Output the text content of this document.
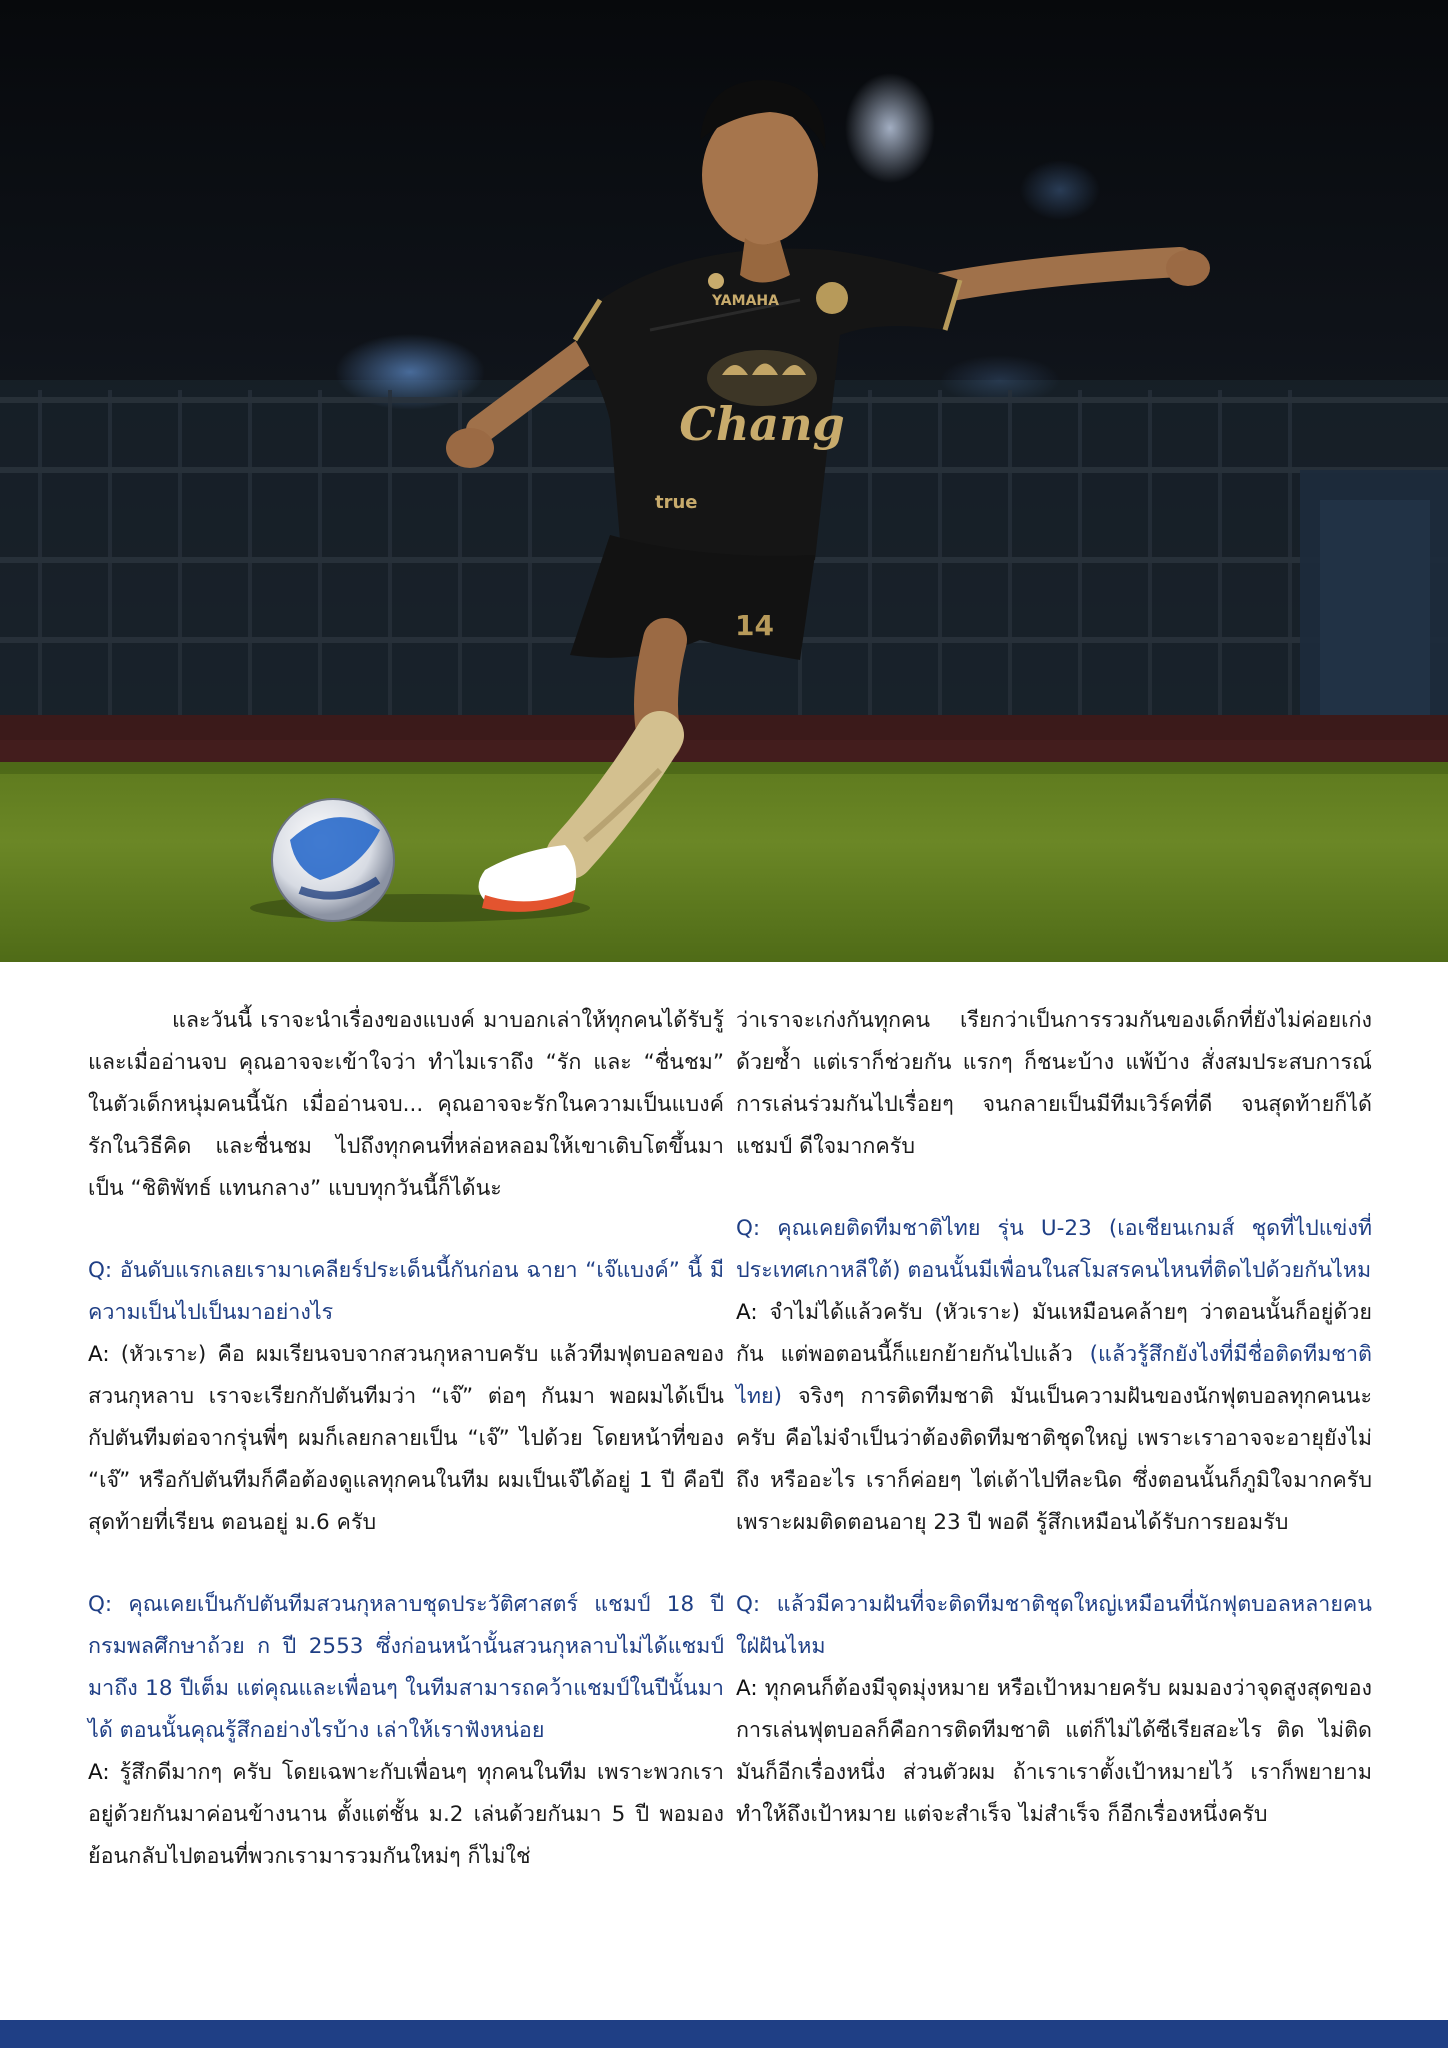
14
Chang
YAMAHA
true

และวันนี้ เราจะนำเรื่องของแบงค์ มาบอกเล่าให้ทุกคนได้รับรู้ และเมื่ออ่านจบ คุณอาจจะเข้าใจว่า ทำไมเราถึง “รัก และ “ชื่นชม” ในตัวเด็กหนุ่มคนนี้นัก เมื่ออ่านจบ... คุณอาจจะรักในความเป็นแบงค์ รักในวิธีคิด และชื่นชม ไปถึงทุกคนที่หล่อหลอมให้เขาเติบโตขึ้นมาเป็น “ชิติพัทธ์ แทนกลาง” แบบทุกวันนี้ก็ได้นะ

Q: อันดับแรกเลยเรามาเคลียร์ประเด็นนี้กันก่อน ฉายา “เจ๊แบงค์” นี้ มีความเป็นไปเป็นมาอย่างไร

A: (หัวเราะ) คือ ผมเรียนจบจากสวนกุหลาบครับ แล้วทีมฟุตบอลของสวนกุหลาบ เราจะเรียกกัปตันทีมว่า “เจ๊” ต่อๆ กันมา พอผมได้เป็นกัปตันทีมต่อจากรุ่นพี่ๆ ผมก็เลยกลายเป็น “เจ๊” ไปด้วย โดยหน้าที่ของ “เจ๊” หรือกัปตันทีมก็คือต้องดูแลทุกคนในทีม ผมเป็นเจ๊ได้อยู่ 1 ปี คือปีสุดท้ายที่เรียน ตอนอยู่ ม.6 ครับ

Q: คุณเคยเป็นกัปตันทีมสวนกุหลาบชุดประวัติศาสตร์ แชมป์ 18 ปี กรมพลศึกษาถ้วย ก ปี 2553 ซึ่งก่อนหน้านั้นสวนกุหลาบไม่ได้แชมป์มาถึง 18 ปีเต็ม แต่คุณและเพื่อนๆ ในทีมสามารถคว้าแชมป์ในปีนั้นมาได้ ตอนนั้นคุณรู้สึกอย่างไรบ้าง เล่าให้เราฟังหน่อย

A: รู้สึกดีมากๆ ครับ โดยเฉพาะกับเพื่อนๆ ทุกคนในทีม เพราะพวกเราอยู่ด้วยกันมาค่อนข้างนาน ตั้งแต่ชั้น ม.2 เล่นด้วยกันมา 5 ปี พอมองย้อนกลับไปตอนที่พวกเรามารวมกันใหม่ๆ ก็ไม่ใช่

ว่าเราจะเก่งกันทุกคน เรียกว่าเป็นการรวมกันของเด็กที่ยังไม่ค่อยเก่งด้วยซ้ำ แต่เราก็ช่วยกัน แรกๆ ก็ชนะบ้าง แพ้บ้าง สั่งสมประสบการณ์การเล่นร่วมกันไปเรื่อยๆ จนกลายเป็นมีทีมเวิร์คที่ดี จนสุดท้ายก็ได้แชมป์ ดีใจมากครับ

Q: คุณเคยติดทีมชาติไทย รุ่น U-23 (เอเชียนเกมส์ ชุดที่ไปแข่งที่ประเทศเกาหลีใต้) ตอนนั้นมีเพื่อนในสโมสรคนไหนที่ติดไปด้วยกันไหม

A: จำไม่ได้แล้วครับ (หัวเราะ) มันเหมือนคล้ายๆ ว่าตอนนั้นก็อยู่ด้วยกัน แต่พอตอนนี้ก็แยกย้ายกันไปแล้ว (แล้วรู้สึกยังไงที่มีชื่อติดทีมชาติไทย) จริงๆ การติดทีมชาติ มันเป็นความฝันของนักฟุตบอลทุกคนนะครับ คือไม่จำเป็นว่าต้องติดทีมชาติชุดใหญ่ เพราะเราอาจจะอายุยังไม่ถึง หรืออะไร เราก็ค่อยๆ ไต่เต้าไปทีละนิด ซึ่งตอนนั้นก็ภูมิใจมากครับ เพราะผมติดตอนอายุ 23 ปี พอดี รู้สึกเหมือนได้รับการยอมรับ

Q: แล้วมีความฝันที่จะติดทีมชาติชุดใหญ่เหมือนที่นักฟุตบอลหลายคนใฝ่ฝันไหม

A: ทุกคนก็ต้องมีจุดมุ่งหมาย หรือเป้าหมายครับ ผมมองว่าจุดสูงสุดของการเล่นฟุตบอลก็คือการติดทีมชาติ แต่ก็ไม่ได้ซีเรียสอะไร ติด ไม่ติด มันก็อีกเรื่องหนึ่ง ส่วนตัวผม ถ้าเราเราตั้งเป้าหมายไว้ เราก็พยายามทำให้ถึงเป้าหมาย แต่จะสำเร็จ ไม่สำเร็จ ก็อีกเรื่องหนึ่งครับ
